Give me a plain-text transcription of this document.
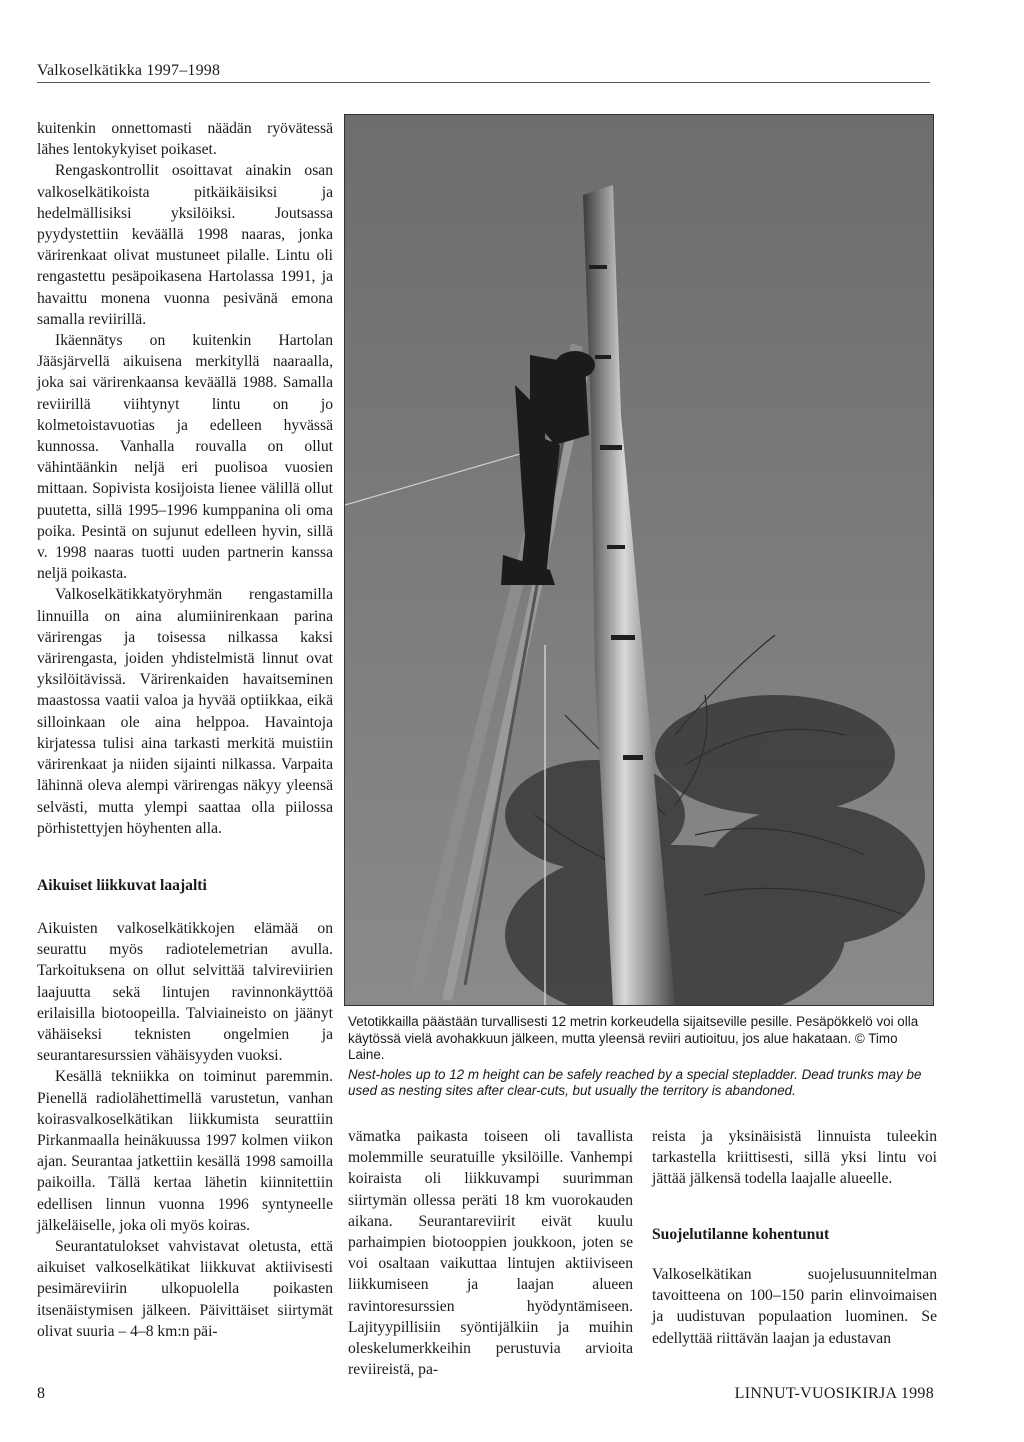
Valkoselkätikka 1997–1998

kuitenkin onnettomasti näädän ryövätessä lähes lentokykyiset poikaset.

Rengaskontrollit osoittavat ainakin osan valkoselkätikoista pitkäikäisiksi ja hedelmällisiksi yksilöiksi. Joutsassa pyydystettiin keväällä 1998 naaras, jonka värirenkaat olivat mustuneet pilalle. Lintu oli rengastettu pesäpoikasena Hartolassa 1991, ja havaittu monena vuonna pesivänä emona samalla reviirillä.

Ikäennätys on kuitenkin Hartolan Jääsjärvellä aikuisena merkityllä naaraalla, joka sai värirenkaansa keväällä 1988. Samalla reviirillä viihtynyt lintu on jo kolmetoistavuotias ja edelleen hyvässä kunnossa. Vanhalla rouvalla on ollut vähintäänkin neljä eri puolisoa vuosien mittaan. Sopivista kosijoista lienee välillä ollut puutetta, sillä 1995–1996 kumppanina oli oma poika. Pesintä on sujunut edelleen hyvin, sillä v. 1998 naaras tuotti uuden partnerin kanssa neljä poikasta.

Valkoselkätikkatyöryhmän rengastamilla linnuilla on aina alumiinirenkaan parina värirengas ja toisessa nilkassa kaksi värirengasta, joiden yhdistelmistä linnut ovat yksilöitävissä. Värirenkaiden havaitseminen maastossa vaatii valoa ja hyvää optiikkaa, eikä silloinkaan ole aina helppoa. Havaintoja kirjatessa tulisi aina tarkasti merkitä muistiin värirenkaat ja niiden sijainti nilkassa. Varpaita lähinnä oleva alempi värirengas näkyy yleensä selvästi, mutta ylempi saattaa olla piilossa pörhistettyjen höyhenten alla.

Aikuiset liikkuvat laajalti

Aikuisten valkoselkätikkojen elämää on seurattu myös radiotelemetrian avulla. Tarkoituksena on ollut selvittää talvireviirien laajuutta sekä lintujen ravinnonkäyttöä erilaisilla biotoopeilla. Talviaineisto on jäänyt vähäiseksi teknisten ongelmien ja seurantaresurssien vähäisyyden vuoksi.

Kesällä tekniikka on toiminut paremmin. Pienellä radiolähettimellä varustetun, vanhan koirasvalkoselkätikan liikkumista seurattiin Pirkanmaalla heinäkuussa 1997 kolmen viikon ajan. Seurantaa jatkettiin kesällä 1998 samoilla paikoilla. Tällä kertaa lähetin kiinnitettiin edellisen linnun vuonna 1996 syntyneelle jälkeläiselle, joka oli myös koiras.

Seurantatulokset vahvistavat oletusta, että aikuiset valkoselkätikat liikkuvat aktiivisesti pesimäreviirin ulkopuolella poikasten itsenäistymisen jälkeen. Päivittäiset siirtymät olivat suuria – 4–8 km:n päi-

Vetotikkailla päästään turvallisesti 12 metrin korkeudella sijaitseville pesille. Pesäpökkelö voi olla käytössä vielä avohakkuun jälkeen, mutta yleensä reviiri autioituu, jos alue hakataan. © Timo Laine.

Nest-holes up to 12 m height can be safely reached by a special stepladder. Dead trunks may be used as nesting sites after clear-cuts, but usually the territory is abandoned.

vämatka paikasta toiseen oli tavallista molemmille seuratuille yksilöille. Vanhempi koiraista oli liikkuvampi suurimman siirtymän ollessa peräti 18 km vuorokauden aikana. Seurantareviirit eivät kuulu parhaimpien biotooppien joukkoon, joten se voi osaltaan vaikuttaa lintujen aktiiviseen liikkumiseen ja laajan alueen ravintoresurssien hyödyntämiseen. Lajityypillisiin syöntijälkiin ja muihin oleskelumerkkeihin perustuvia arvioita reviireistä, pa-

reista ja yksinäisistä linnuista tuleekin tarkastella kriittisesti, sillä yksi lintu voi jättää jälkensä todella laajalle alueelle.

Suojelutilanne kohentunut

Valkoselkätikan suojelusuunnitelman tavoitteena on 100–150 parin elinvoimaisen ja uudistuvan populaation luominen. Se edellyttää riittävän laajan ja edustavan

8	LINNUT-VUOSIKIRJA 1998
